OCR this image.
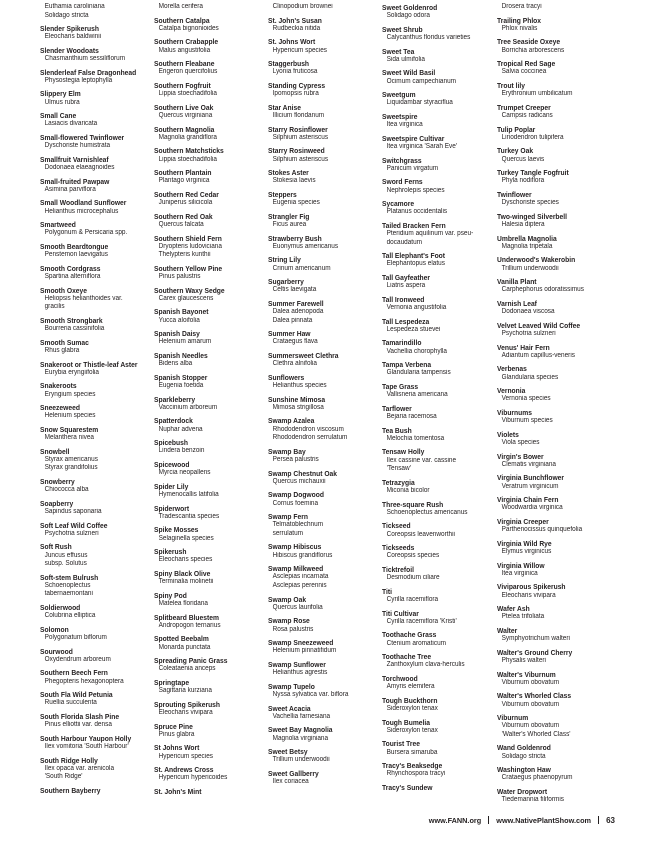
Euthamia caroliniana
Solidago stricta
Slender Spikerush
Eleocharis baldwinii
Slender Woodoats
Chasmanthium sessiliflorum
Slenderleaf False Dragonhead
Physostegia leptophylla
Slippery Elm
Ulmus rubra
Small Cane
Lasiacis divaricata
Small-flowered Twinflower
Dyschoriste humistrata
Smallfruit Varnishleaf
Dodonaea elaeagnoides
Small-fruited Pawpaw
Asimina parviflora
Small Woodland Sunflower
Helianthus microcephalus
Smartweed
Polygonum & Persicaria spp.
Smooth Beardtongue
Penstemon laevigatus
Smooth Cordgrass
Spartina alterniflora
Smooth Oxeye
Heliopsis helianthoides var.
gracilis
Smooth Strongbark
Bourreria cassinifolia
Smooth Sumac
Rhus glabra
Snakeroot or Thistle-leaf Aster
Eurybia eryngiifolia
Snakeroots
Eryngium species
Sneezeweed
Helenium species
Snow Squarestem
Melanthera nivea
Snowbell
Styrax americanus
Styrax grandifolius
Snowberry
Chiococca alba
Soapberry
Sapindus saponaria
Soft Leaf Wild Coffee
Psychotria sulzneri
Soft Rush
Juncus effusus
subsp. Solutus
Soft-stem Bulrush
Schoenoplectus
tabernaemontani
Soldierwood
Colubrina elliptica
Solomon
Polygonatum biflorum
Sourwood
Oxydendrum arboreum
Southern Beech Fern
Phegopteris hexagonoptera
South Fla Wild Petunia
Ruellia succulenta
South Florida Slash Pine
Pinus elliottii var. densa
South Harbour Yaupon Holly
Ilex vomitoria 'South Harbour'
South Ridge Holly
Ilex opaca var. arenicola
'South Ridge'
Southern Bayberry
Morella cerifera
Southern Catalpa
Catalpa bignonioides
Southern Crabapple
Malus angustifolia
Southern Fleabane
Erigeron quercifolius
Southern Fogfruit
Lippia stoechadifolia
Southern Live Oak
Quercus virginiana
Southern Magnolia
Magnolia grandiflora
Southern Matchsticks
Lippia stoechadifolia
Southern Plantain
Plantago virginica
Southern Red Cedar
Juniperus silicicola
Southern Red Oak
Quercus falcata
Southern Shield Fern
Dryopteris ludoviciana
Thelypteris kunthii
Southern Yellow Pine
Pinus palustris
Southern Waxy Sedge
Carex glaucescens
Spanish Bayonet
Yucca aloifolia
Spanish Daisy
Helenium amarum
Spanish Needles
Bidens alba
Spanish Stopper
Eugenia foetida
Sparkleberry
Vaccinium arboreum
Spatterdock
Nuphar advena
Spicebush
Lindera benzoin
Spicewood
Myrcia neopallens
Spider Lily
Hymenocallis latifolia
Spiderwort
Tradescantia species
Spike Mosses
Selaginella species
Spikerush
Eleocharis species
Spiny Black Olive
Terminalia molinetii
Spiny Pod
Matelea floridana
Splitbeard Bluestem
Andropogon ternarius
Spotted Beebalm
Monarda punctata
Spreading Panic Grass
Coleataenia anceps
Springtape
Sagittaria kurziana
Sprouting Spikerush
Eleocharis vivipara
Spruce Pine
Pinus glabra
St Johns Wort
Hypericum species
St. Andrews Cross
Hypericum hypericoides
St. John's Mint
Clinopodium brownei
St. John's Susan
Rudbeckia nitida
St. Johns Wort
Hypericum species
Staggerbush
Lyonia fruticosa
Standing Cypress
Ipomopsis rubra
Star Anise
Illicium floridanum
Starry Rosinflower
Silphium asteriscus
Starry Rosinweed
Silphium asteriscus
Stokes Aster
Stokesia laevis
Steppers
Eugenia species
Strangler Fig
Ficus aurea
Strawberry Bush
Euonymus americanus
String Lily
Crinum americanum
Sugarberry
Celtis laevigata
Summer Farewell
Dalea adenopoda
Dalea pinnata
Summer Haw
Crataegus flava
Summersweet Clethra
Clethra alnifolia
Sunflowers
Helianthus species
Sunshine Mimosa
Mimosa strigillosa
Swamp Azalea
Rhododendron viscosum
Rhododendron serrulatum
Swamp Bay
Persea palustris
Swamp Chestnut Oak
Quercus michauxii
Swamp Dogwood
Cornus foemina
Swamp Fern
Telmatoblechnum
serrulatum
Swamp Hibiscus
Hibiscus grandiflorus
Swamp Milkweed
Asclepias incarnata
Asclepias perennis
Swamp Oak
Quercus laurifolia
Swamp Rose
Rosa palustris
Swamp Sneezeweed
Helenium pinnatifidum
Swamp Sunflower
Helianthus agrestis
Swamp Tupelo
Nyssa sylvatica var. biflora
Sweet Acacia
Vachellia farnesiana
Sweet Bay Magnolia
Magnolia virginiana
Sweet Betsy
Trillium underwoodii
Sweet Gallberry
Ilex coriacea
Sweet Goldenrod
Solidago odora
Sweet Shrub
Calycanthus floridus varieties
Sweet Tea
Sida ulmifolia
Sweet Wild Basil
Ocimum campechianum
Sweetgum
Liquidambar styraciflua
Sweetspire
Itea virginica
Sweetspire Cultivar
Itea virginica 'Sarah Eve'
Switchgrass
Panicum virgatum
Sword Ferns
Nephrolepis species
Sycamore
Platanus occidentalis
Tailed Bracken Fern
Pteridium aquilinum var. pseu-
docaudatum
Tall Elephant's Foot
Elephantopus elatus
Tall Gayfeather
Liatris aspera
Tall Ironweed
Vernonia angustifolia
Tall Lespedeza
Lespedeza stuevei
Tamarindillo
Vachellia chorophylla
Tampa Verbena
Glandularia tampensis
Tape Grass
Vallisneria americana
Tarflower
Bejaria racemosa
Tea Bush
Melochia tomentosa
Tensaw Holly
Ilex cassine var. cassine
'Tensaw'
Tetrazygia
Miconia bicolor
Three-square Rush
Schoenoplectus americanus
Tickseed
Coreopsis leavenworthii
Tickseeds
Coreopsis species
Ticktrefoil
Desmodium ciliare
Titi
Cyrilla racemiflora
Titi Cultivar
Cyrilla racemiflora 'Kristi'
Toothache Grass
Ctenium aromaticum
Toothache Tree
Zanthoxylum clava-herculis
Torchwood
Amyris elemifera
Tough Buckthorn
Sideroxylon tenax
Tough Bumelia
Sideroxylon tenax
Tourist Tree
Bursera simaruba
Tracy's Beaksedge
Rhynchospora tracyi
Tracy's Sundew
Drosera tracyi
Trailing Phlox
Phlox nivalis
Tree Seaside Oxeye
Borrichia arborescens
Tropical Red Sage
Salvia coccinea
Trout lily
Erythronium umbilicatum
Trumpet Creeper
Campsis radicans
Tulip Poplar
Liriodendron tulipifera
Turkey Oak
Quercus laevis
Turkey Tangle Fogfruit
Phyla nodiflora
Twinflower
Dyschoriste species
Two-winged Silverbell
Halesia diptera
Umbrella Magnolia
Magnolia tripetala
Underwood's Wakerobin
Trillium underwoodii
Vanilla Plant
Carphephorus odoratissimus
Varnish Leaf
Dodonaea viscosa
Velvet Leaved Wild Coffee
Psychotria sulzneri
Venus' Hair Fern
Adiantum capillus-veneris
Verbenas
Glandularia species
Vernonia
Vernonia species
Viburnums
Viburnum species
Violets
Viola species
Virgin's Bower
Clematis virginiana
Virginia Bunchflower
Veratrum virginicum
Virginia Chain Fern
Woodwardia virginica
Virginia Creeper
Parthenocissus quinquefolia
Virginia Wild Rye
Elymus virginicus
Virginia Willow
Itea virginica
Viviparous Spikerush
Eleocharis vivipara
Wafer Ash
Ptelea trifoliata
Walter
Symphyotrichum walteri
Walter's Ground Cherry
Physalis walteri
Walter's Viburnum
Viburnum obovatum
Walter's Whorled Class
Viburnum obovatum
Viburnum
Viburnum obovatum
'Walter's Whorled Class'
Wand Goldenrod
Solidago stricta
Washington Haw
Crataegus phaenopyrum
Water Dropwort
Tiedemannia filiformis
www.FANN.org www.NativePlantShow.com 63
